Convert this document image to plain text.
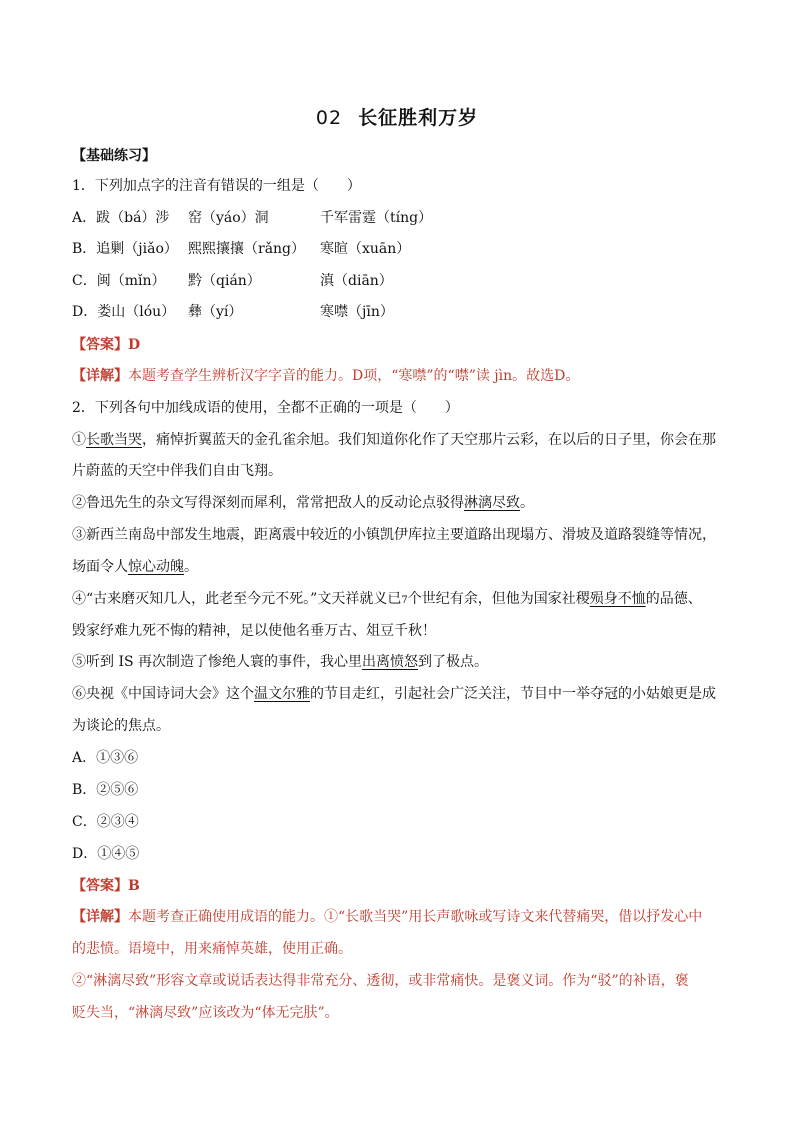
02 长征胜利万岁
【基础练习】
1．下列加点字的注音有错误的一组是（　　）
A．跋（bá）涉 窑（yáo）洞	千军雷霆（tíng）
B．追剿（jiǎo） 熙熙攘攘（rǎng） 寒暄（xuān）
C．闽（mǐn） 黔（qián）	滇（diān）
D．娄山（lóu） 彝（yí）	寒噤（jīn）
【答案】D
【详解】本题考查学生辨析汉字字音的能力。D项，“寒噤”的“噤”读 jìn。故选D。
2．下列各句中加线成语的使用，全都不正确的一项是（　　）
①长歌当哭，痛悼折翼蓝天的金孔雀余旭。我们知道你化作了天空那片云彩，在以后的日子里，你会在那
片蔚蓝的天空中伴我们自由飞翔。
②鲁迅先生的杂文写得深刻而犀利，常常把敌人的反动论点驳得淋漓尽致。
③新西兰南岛中部发生地震，距离震中较近的小镇凯伊库拉主要道路出现塌方、滑坡及道路裂缝等情况，
场面令人惊心动魄。
④“古来磨灭知几人，此老至今元不死。”文天祥就义已7个世纪有余，但他为国家社稷殒身不恤的品德、
毁家纾难九死不悔的精神，足以使他名垂万古、俎豆千秋！
⑤听到 IS 再次制造了惨绝人寰的事件，我心里出离愤怒到了极点。
⑥央视《中国诗词大会》这个温文尔雅的节目走红，引起社会广泛关注，节目中一举夺冠的小姑娘更是成
为谈论的焦点。
A．①③⑥
B．②⑤⑥
C．②③④
D．①④⑤
【答案】B
【详解】本题考查正确使用成语的能力。①“长歌当哭”用长声歌咏或写诗文来代替痛哭，借以抒发心中
的悲愤。语境中，用来痛悼英雄，使用正确。
②“淋漓尽致”形容文章或说话表达得非常充分、透彻，或非常痛快。是褒义词。作为“驳”的补语，褒
贬失当，“淋漓尽致”应该改为“体无完肤”。
